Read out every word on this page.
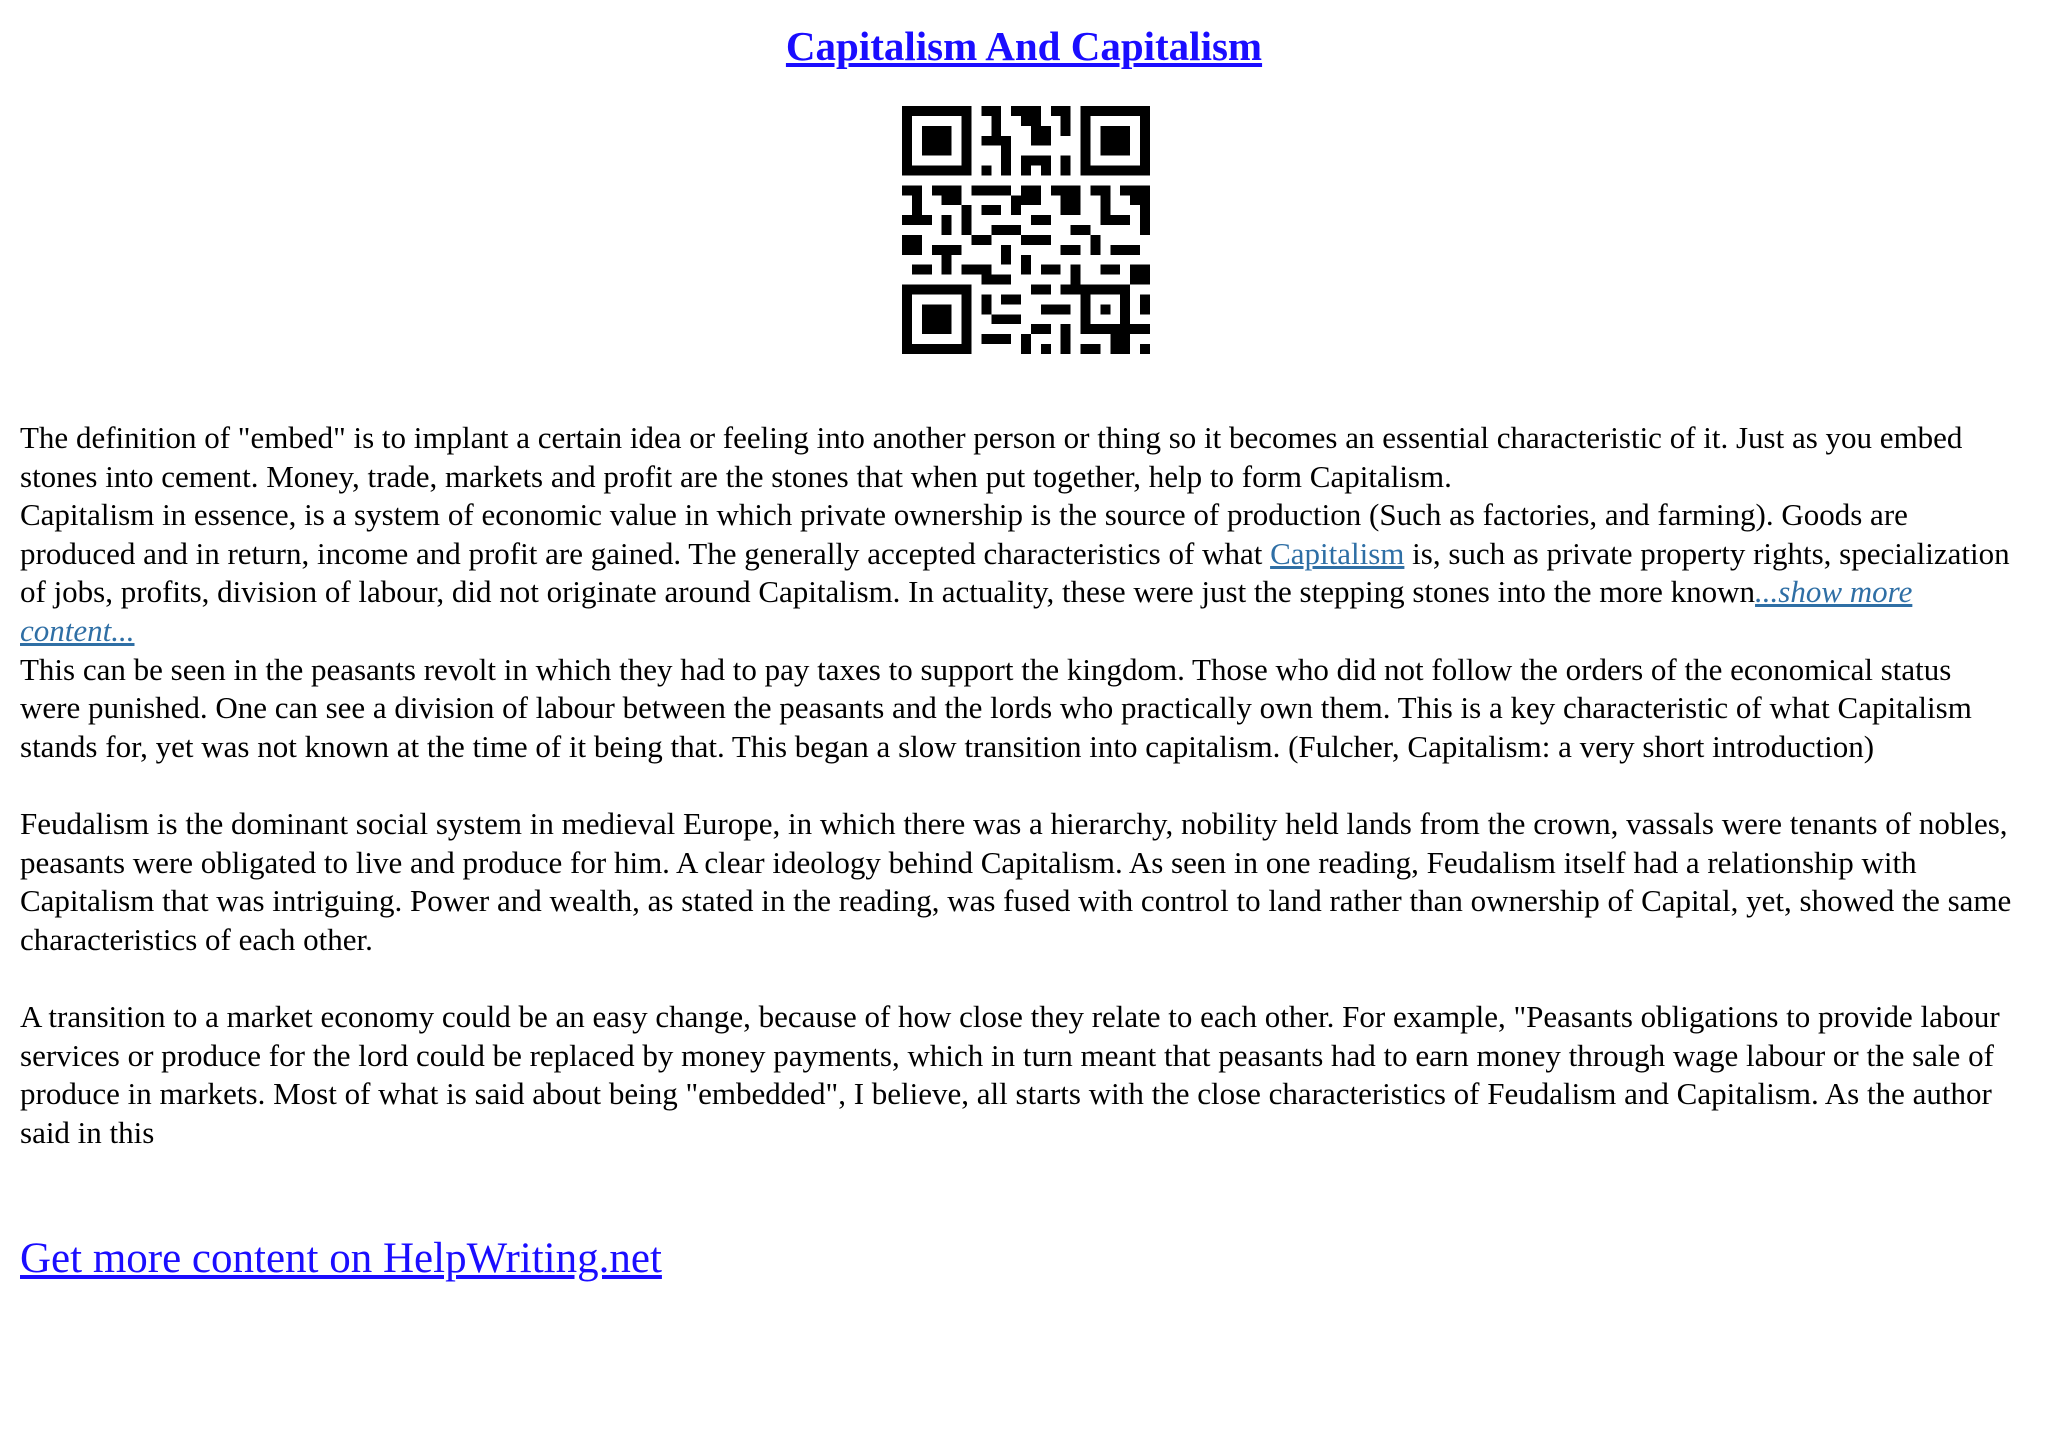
Capitalism And Capitalism

The definition of "embed" is to implant a certain idea or feeling into another person or thing so it becomes an essential characteristic of it. Just as you embed stones into cement. Money, trade, markets and profit are the stones that when put together, help to form Capitalism.

Capitalism in essence, is a system of economic value in which private ownership is the source of production (Such as factories, and farming). Goods are produced and in return, income and profit are gained. The generally accepted characteristics of what Capitalism is, such as private property rights, specialization of jobs, profits, division of labour, did not originate around Capitalism. In actuality, these were just the stepping stones into the more known...show more content...

This can be seen in the peasants revolt in which they had to pay taxes to support the kingdom. Those who did not follow the orders of the economical status were punished. One can see a division of labour between the peasants and the lords who practically own them. This is a key characteristic of what Capitalism stands for, yet was not known at the time of it being that. This began a slow transition into capitalism. (Fulcher, Capitalism: a very short introduction)

Feudalism is the dominant social system in medieval Europe, in which there was a hierarchy, nobility held lands from the crown, vassals were tenants of nobles, peasants were obligated to live and produce for him. A clear ideology behind Capitalism. As seen in one reading, Feudalism itself had a relationship with Capitalism that was intriguing. Power and wealth, as stated in the reading, was fused with control to land rather than ownership of Capital, yet, showed the same characteristics of each other.

A transition to a market economy could be an easy change, because of how close they relate to each other. For example, "Peasants obligations to provide labour services or produce for the lord could be replaced by money payments, which in turn meant that peasants had to earn money through wage labour or the sale of produce in markets. Most of what is said about being "embedded", I believe, all starts with the close characteristics of Feudalism and Capitalism. As the author said in this

Get more content on HelpWriting.net
